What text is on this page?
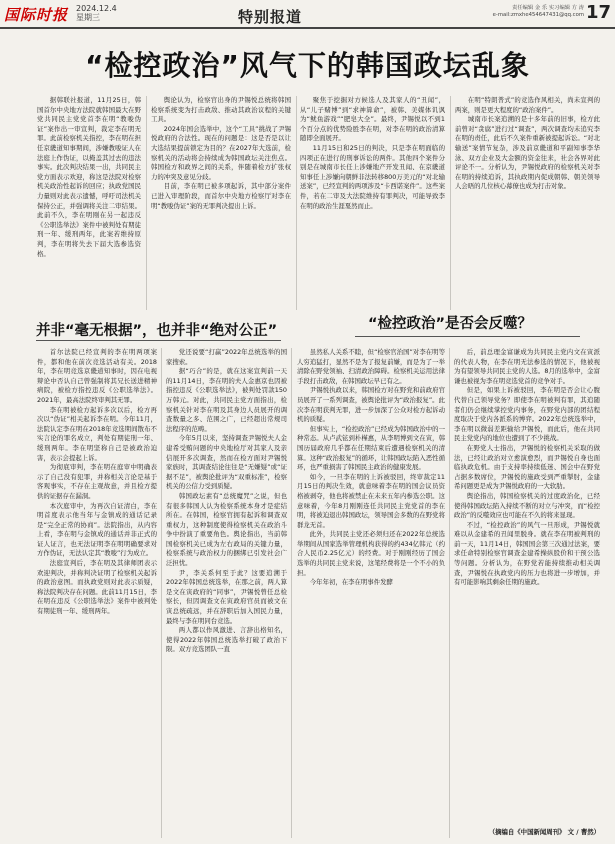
国际时报 2024.12.4
星期三	特别报道	责任编辑 金 乐 实习编辑 方 涛
e-mail:zmxhe454647431@qq.com 17
“检控政治”风气下的韩国政坛乱象

据韩联社报道，11月25日，韩国首尔中央地方法院就韩国最大在野党共同民主党党首李在明“教唆伪证”案作出一审宣判，裁定李在明无罪。此前检察机关指控，李在明在担任京畿道知事期间，涉嫌教唆证人在法庭上作伪证，以掩盖其过去的违法事实。此次判决结果一出，共同民主党方面表示欢迎，称这是法院对检察机关政治性起诉的回应；执政党国民力量则对此表示遗憾，呼吁司法机关保持公正，并强调将关注二审结果。此前不久，李在明刚在另一起违反《公职选举法》案件中被判处有期徒刑一年、缓刑两年，此案若维持原判，李在明将失去下届大选参选资格。

舆论认为，检察官出身的尹锡悦总统将韩国检察系统变为打击政敌、推动其政治议程的关键工具。

2024年国会选举中，这个“工具”挑战了尹锡悦政府的合法性。现在的问题是：这是否是以让大选结果提前锁定为目的？在2027年大选前，检察机关的活动将会持续成为韩国政坛关注焦点。韩国检方和政界之间的关系，伴随着检方扩张权力的冲突及意见分歧。

目前，李在明已被多项起诉，其中部分案件已进入审理阶段，而首尔中央地方检察厅对李在明“教唆伪证”案的无罪判决提出上诉。

聚焦于挖掘对方候选人及其家人的“丑闻”，从“儿子赌博”到“求神算命”，被韩、美媒体讥讽为“鱿鱼游戏”“肥皂大全”。最终，尹锡悦以不到1个百分点的优势险胜李在明，对李在明的政治清算随即全面展开。

11月15日和25日的判决，只是李在明面临的四项正在进行的刑事诉讼的两件。其他四个案件分别是在城南市长任上涉嫌地产开发丑闻、在京畿道知事任上涉嫌向朝鲜非法转移800万美元的“对北输送案”，已经宣判的两项涉及“卡西诺案件”。这些案件，若在二审及大法院维持有罪判决，可能导致李在明的政治生涯戛然而止。

在明“特朗普式”的竞选作风相关，尚未宣判的两案，则是更大程度的“政治案件”。

城南市长案追溯的是十多年前的旧事，检方此前曾对“贪腐”进行过“调查”，两次调查均未追究李在明的责任，此后不久案件重新被提起诉讼。“对北输送”案情节复杂，涉及前京畿道和平副知事李华泳、双方企业及大金额的资金往来，社会各界对此评论不一。分析认为，尹锡悦政府的检察机关对李在明的持续追诉，其执政期内促成朝韩、朝美领导人会晤的几位核心幕僚也成为打击对象。

并非“毫无根据”，也并非“绝对公正”	“检控政治”是否会反噬？

首尔法院已经宣判的李在明两项案件，都和他在前次竞选活动有关。2018年，李在明竞选京畿道知事时，因在电视辩论中否认自己曾强制将其兄长送进精神病院，被检方指控违反《公职选举法》。2021年，最高法院终审判其无罪。

李在明被检方起诉多次以后，检方再次以“伪证”相关起诉李在明。今年11月，法院认定李在明在2018年竞选期间散布不实言论的罪名成立，判处有期徒刑一年、缓刑两年。李在明坚称自己是被政治迫害，表示会提起上诉。

为彻底审判，李在明在庭审中明确表示了自己没有犯罪，并称相关言论是基于客观事实，不存在主观故意，并且检方提供的证据存在漏洞。

本次庭审中，为再次自证清白，李在明首度表示他当年与金镇成的通话记录是“完全正常的协商”。法院指出，从内容上看，李在明与金镇成的通话并非正式的证人证言，也无法证明李在明明确要求对方作伪证，无法认定其“教唆”行为成立。

法庭宣判后，李在明及其律师团表示欢迎判决，并称判决证明了检察机关起诉的政治意图。而执政党则对此表示质疑，称法院判决存在问题。此前11月15日，李在明在违反《公职选举法》案件中被判处有期徒刑一年、缓刑两年。

党还说要“打赢”2022年总统选举的国家搜索。

据“巧合”的是，就在这案宣判前一天的11月14日，李在明的夫人金惠京也因被指控违反《公职选举法》，被判处罚款150万韩元。对此，共同民主党方面指出，检察机关针对李在明及其身边人员展开的调查数量之多、范围之广，已经超出常规司法程序的范畴。

今年5月以来，坚持调查尹锡悦夫人金建希受贿问题的中央地检厅对其家人及亲信展开多次调查，然而在检方面对尹锡悦家族时，其调查结论往往是“无嫌疑”或“证据不足”，被舆论批评为“双重标准”，检察机关的公信力受到质疑。

韩国政坛素有“总统魔咒”之说，但也有很多韩国人认为检察系统本身才是症结所在。在韩国，检察官拥有起诉和调查双重权力，这种制度使得检察机关在政治斗争中扮演了重要角色。舆论指出，当前韩国检察机关已成为左右政局的关键力量，检察系统与政治权力的捆绑已引发社会广泛担忧。

尹，李关系何至于此？这要追溯于2022年韩国总统选举，在那之前，两人算是文在寅政府的“同事”，尹锡悦曾任总检察长，但因调查文在寅政府官员而被文在寅总统疏远，并在辞职后加入国民力量，最终与李在明同台竞选。

两人都以作风激进、言辞出格知名，使得2022年韩国总统选举打破了政治下限。双方竞选团队一直

虽然私人关系不睦，但“检察官治国”对李在明等人穷追猛打，显然不是为了报复前嫌，而是为了一举清除在野党领袖、扫清政治障碍。检察机关运用法律手段打击政敌，在韩国政坛早已有之。

尹锡悦执政以来，韩国检方对在野党和前政府官员展开了一系列调查，被舆论批评为“政治报复”。此次李在明获判无罪，进一步加深了公众对检方起诉动机的质疑。

但事实上，“检控政治”已经成为韩国政治中的一种常态。从卢武铉到朴槿惠，从李明博到文在寅，韩国历届政府几乎都在任期结束后遭遇检察机关的清算。这种“政治报复”的循环，让韩国政坛陷入恶性循环，也严重损害了韩国民主政治的健康发展。

如今，一旦李在明的上诉被驳回，终审裁定11月15日的判决生效，就意味着李在明的国会议员资格被剥夺，他也将被禁止在未来五年内参选公职。这意味着，今年8月刚刚连任共同民主党党首的李在明，将被迫退出韩国政坛，领导国会多数的在野党将群龙无首。

此外，共同民主党还必须归还在2022年总统选举期间从国家选举管理机构获得的约434亿韩元（约合人民币2.25亿元）的经费。对于刚刚经历了国会选举的共同民主党来说，这笔经费将是一个不小的负担。

今年年初，在李在明事件发酵

后，前总理金富谦成为共同民主党内文在寅派的代表人物，在李在明无法参选的情况下，他被视为有望领导共同民主党的人选。8月的选举中，金富谦也被视为李在明竞选党首的竞争对手。

但是，如果上诉被驳回，李在明是否会让心腹代替自己领导党务？即使李在明被判有罪，其追随者们仍会继续掌控党内事务，在野党内部的团结程度取决于党内各派系的博弈。2022年总统选举中，李在明以微弱差距输给尹锡悦，而此后，他在共同民主党党内的地位也遭到了不少挑战。

在野党人士指出，尹锡悦的检察机关采取的做法，已经让政治对立愈演愈烈，而尹锡悦自身也面临执政危机。由于支持率持续低迷、国会中在野党占据多数席位，尹锡悦的施政受到严重掣肘，金建希问题更是成为尹锡悦政府的一大软肋。

舆论指出，韩国检察机关的过度政治化，已经使得韩国政坛陷入持续不断的对立与冲突，而“检控政治”的反噬效应也可能在不久的将来显现。

不过，“检控政治”的风气一旦形成，尹锡悦就难以从金建希的丑闻里脱身。就在李在明被判刑的前一天，11月14日，韩国国会第三次通过法案，要求任命特别检察官调查金建希操纵股价和干预公选等问题。分析认为，在野党若能持续推动相关调查，尹锡悦在执政党内的压力也将进一步增加，并有可能影响其剩余任期的施政。

（摘编自《中国新闻周刊》 文 / 曹然）
